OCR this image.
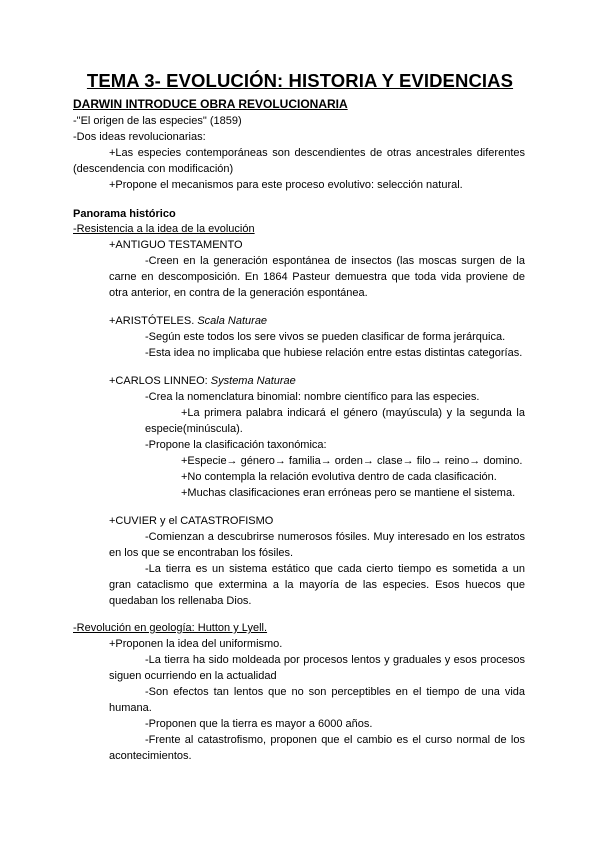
TEMA 3- EVOLUCIÓN: HISTORIA Y EVIDENCIAS
DARWIN INTRODUCE OBRA REVOLUCIONARIA
-"El origen de las especies" (1859)
-Dos ideas revolucionarias:

+Las especies contemporáneas son descendientes de otras ancestrales diferentes (descendencia con modificación)

+Propone el mecanismos para este proceso evolutivo: selección natural.
Panorama histórico
-Resistencia a la idea de la evolución
+ANTIGUO TESTAMENTO

-Creen en la generación espontánea de insectos (las moscas surgen de la carne en descomposición. En 1864 Pasteur demuestra que toda vida proviene de otra anterior, en contra de la generación espontánea.

+ARISTÓTELES. Scala Naturae
-Según este todos los sere vivos se pueden clasificar de forma jerárquica.
-Esta idea no implicaba que hubiese relación entre estas distintas categorías.
+CARLOS LINNEO: Systema Naturae
-Crea la nomenclatura binomial: nombre científico para las especies.

+La primera palabra indicará el género (mayúscula) y la segunda la especie(minúscula).

-Propone la clasificación taxonómica:
+Especie→ género→ familia→ orden→ clase→ filo→ reino→ domino.
+No contempla la relación evolutiva dentro de cada clasificación.
+Muchas clasificaciones eran erróneas pero se mantiene el sistema.
+CUVIER y el CATASTROFISMO

-Comienzan a descubrirse numerosos fósiles. Muy interesado en los estratos en los que se encontraban los fósiles.

-La tierra es un sistema estático que cada cierto tiempo es sometida a un gran cataclismo que extermina a la mayoría de las especies. Esos huecos que quedaban los rellenaba Dios.

-Revolución en geología: Hutton y Lyell.
+Proponen la idea del uniformismo.

-La tierra ha sido moldeada por procesos lentos y graduales y esos procesos siguen ocurriendo en la actualidad

-Son efectos tan lentos que no son perceptibles en el tiempo de una vida humana.

-Proponen que la tierra es mayor a 6000 años.

-Frente al catastrofismo, proponen que el cambio es el curso normal de los acontecimientos.
